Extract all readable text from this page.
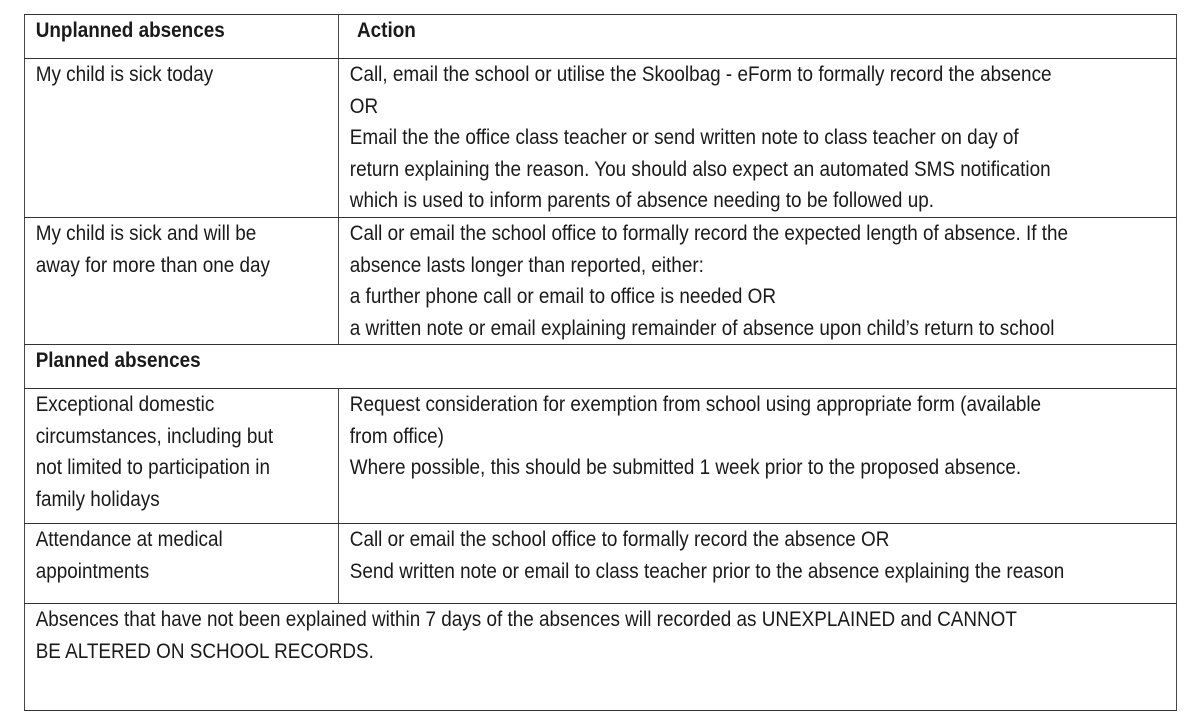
Unplanned absences	Action

My child is sick today	Call, email the school or utilise the Skoolbag - eForm to formally record the absence
OR
Email the the office class teacher or send written note to class teacher on day of
return explaining the reason. You should also expect an automated SMS notification
which is used to inform parents of absence needing to be followed up.

My child is sick and will be
away for more than one day	Call or email the school office to formally record the expected length of absence. If the
absence lasts longer than reported, either:
a further phone call or email to office is needed OR
a written note or email explaining remainder of absence upon child’s return to school

Planned absences	

Exceptional domestic
circumstances, including but
not limited to participation in
family holidays	Request consideration for exemption from school using appropriate form (available
from office)
Where possible, this should be submitted 1 week prior to the proposed absence.

Attendance at medical
appointments	Call or email the school office to formally record the absence OR
Send written note or email to class teacher prior to the absence explaining the reason

Absences that have not been explained within 7 days of the absences will recorded as UNEXPLAINED and CANNOT
BE ALTERED ON SCHOOL RECORDS.	
